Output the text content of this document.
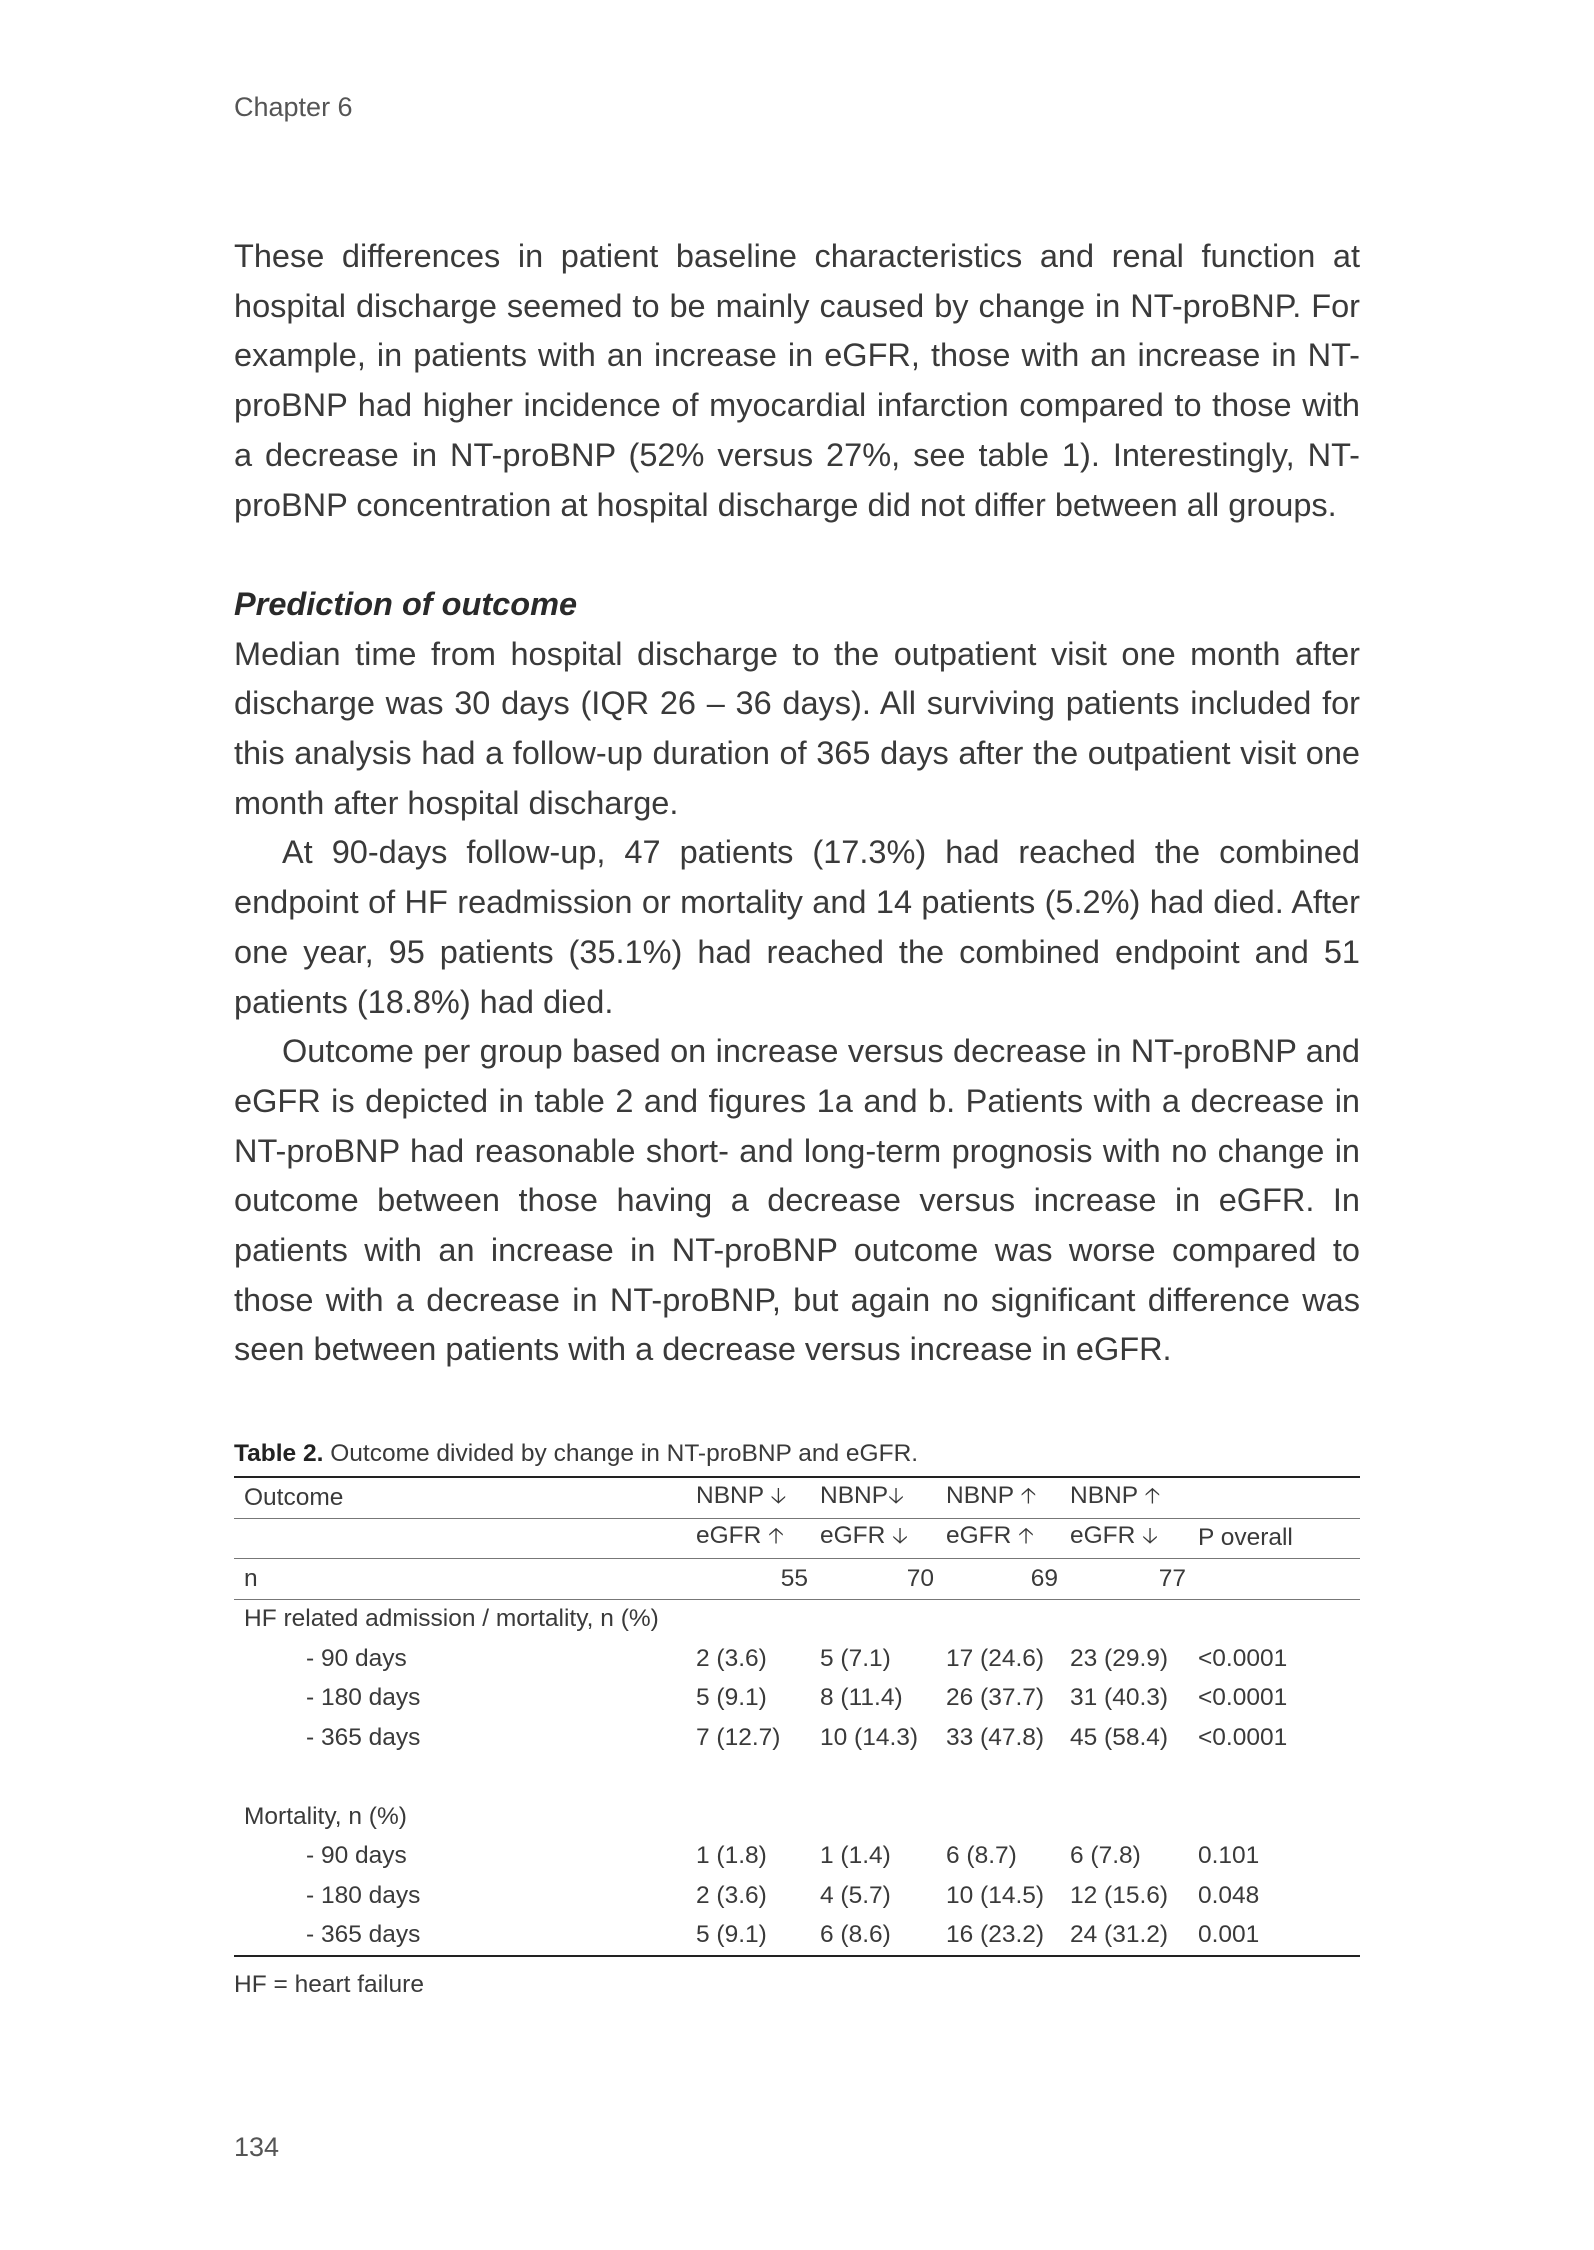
Chapter 6

These differences in patient baseline characteristics and renal function at hospital discharge seemed to be mainly caused by change in NT-proBNP. For example, in patients with an increase in eGFR, those with an increase in NT-proBNP had higher incidence of myocardial infarction compared to those with a decrease in NT-proBNP (52% versus 27%, see table 1). Interestingly, NT-proBNP concentration at hospital discharge did not differ between all groups.

Prediction of outcome

Median time from hospital discharge to the outpatient visit one month after discharge was 30 days (IQR 26 – 36 days). All surviving patients included for this analysis had a follow-up duration of 365 days after the outpatient visit one month after hospital discharge.

At 90-days follow-up, 47 patients (17.3%) had reached the combined endpoint of HF readmission or mortality and 14 patients (5.2%) had died. After one year, 95 patients (35.1%) had reached the combined endpoint and 51 patients (18.8%) had died.

Outcome per group based on increase versus decrease in NT-proBNP and eGFR is depicted in table 2 and figures 1a and b. Patients with a decrease in NT-proBNP had reasonable short- and long-term prognosis with no change in outcome between those having a decrease versus increase in eGFR. In patients with an increase in NT-proBNP outcome was worse compared to those with a decrease in NT-proBNP, but again no significant difference was seen between patients with a decrease versus increase in eGFR.

Table 2. Outcome divided by change in NT-proBNP and eGFR.
Outcome	NBNP 🡣	NBNP🡣	NBNP 🡡	NBNP 🡡	
	eGFR 🡡	eGFR 🡣	eGFR 🡡	eGFR 🡣	P overall
n	55	70	69	77	
HF related admission / mortality, n (%)					
- 90 days	2 (3.6)	5 (7.1)	17 (24.6)	23 (29.9)	<0.0001
- 180 days	5 (9.1)	8 (11.4)	26 (37.7)	31 (40.3)	<0.0001
- 365 days	7 (12.7)	10 (14.3)	33 (47.8)	45 (58.4)	<0.0001

Mortality, n (%)					
- 90 days	1 (1.8)	1 (1.4)	6 (8.7)	6 (7.8)	0.101
- 180 days	2 (3.6)	4 (5.7)	10 (14.5)	12 (15.6)	0.048
- 365 days	5 (9.1)	6 (8.6)	16 (23.2)	24 (31.2)	0.001
HF = heart failure
134
